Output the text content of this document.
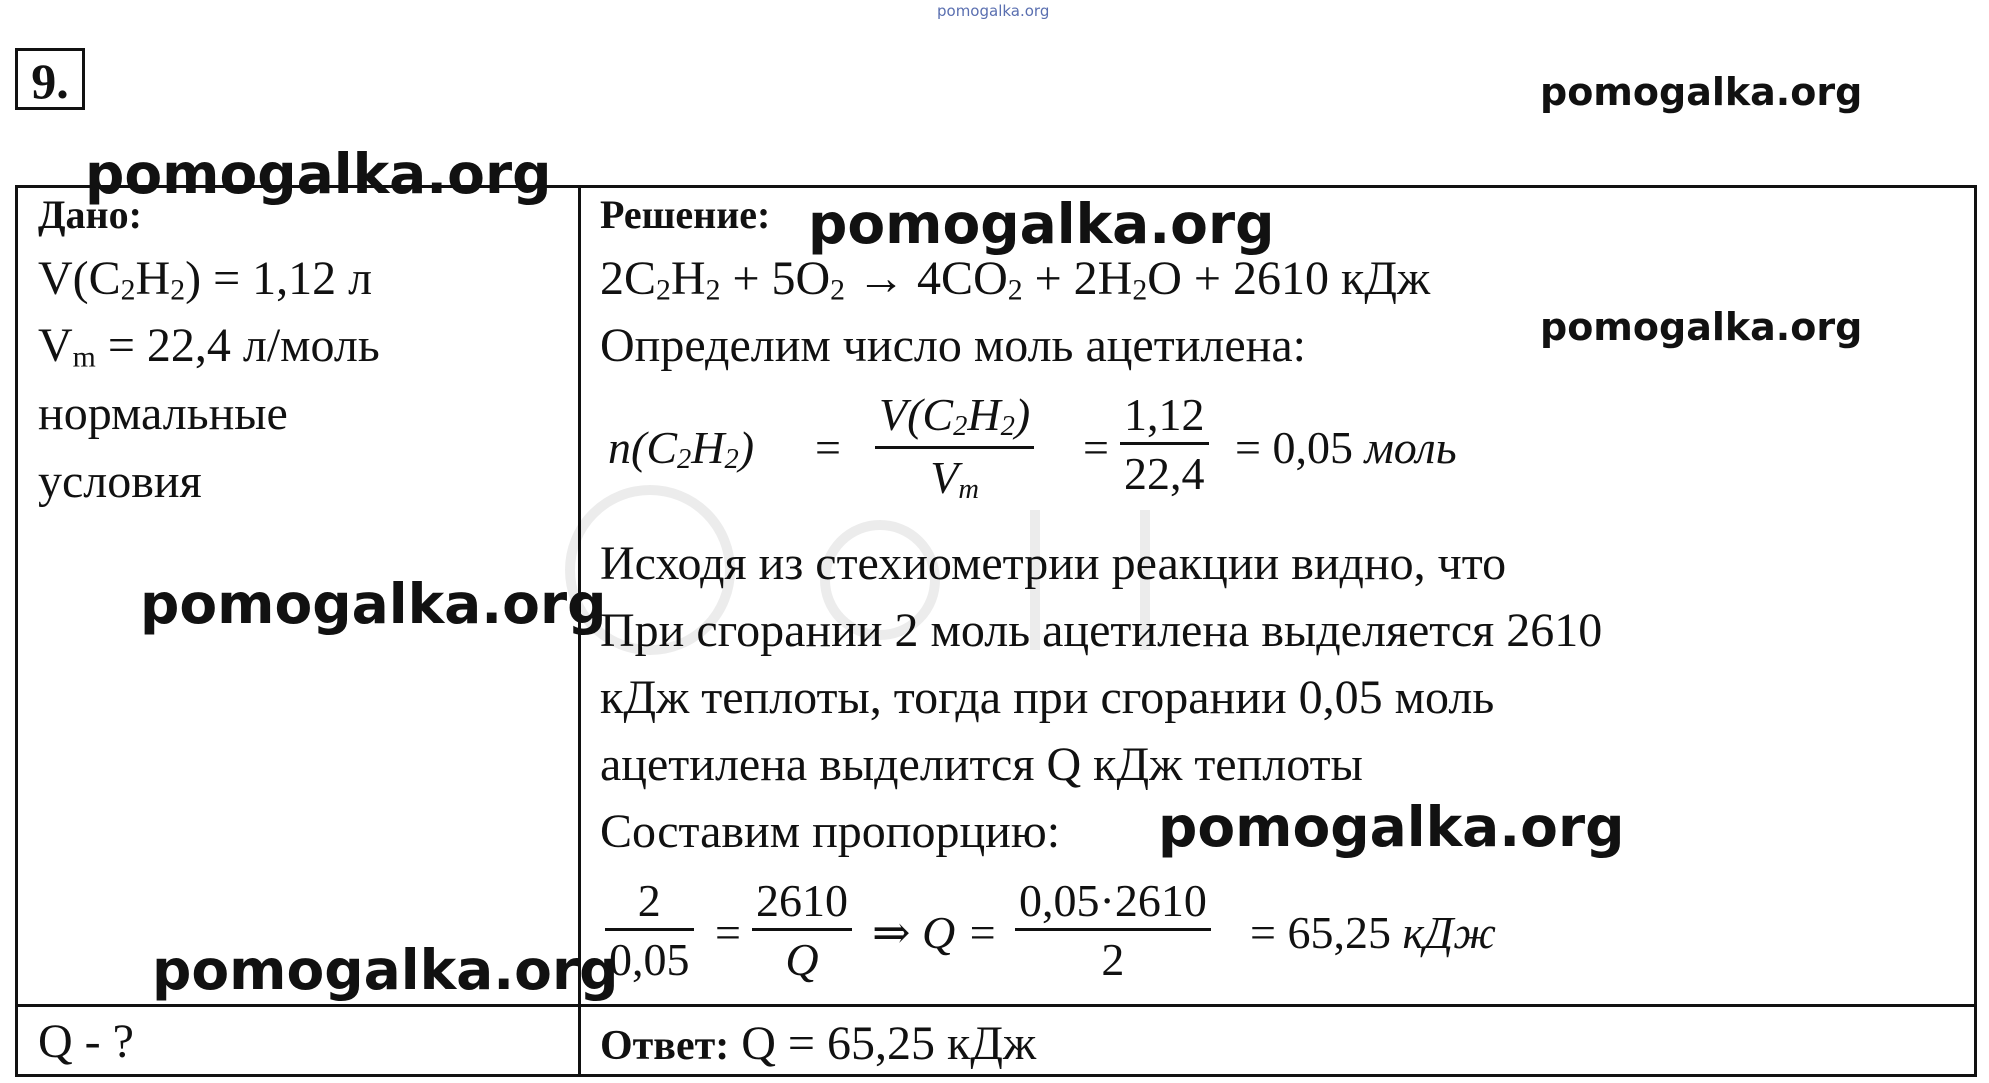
pomogalka.org
9.
Дано:
$V(C_2H_2) = 1,12$ л
$V_m = 22,4$ л/моль
нормальные
условия
Q - ?
Решение:
$2C_2H_2 + 5O_2 \to 4CO_2 + 2H_2O + 2610$ кДж
Определим число моль ацетилена:
$n(C_2H_2) = \frac{V(C_2H_2)}{V_m} = \frac{1,12}{22,4} = 0,05$ моль
Исходя из стехиометрии реакции видно, что
При сгорании 2 моль ацетилена выделяется 2610
кДж теплоты, тогда при сгорании 0,05 моль
ацетилена выделится Q кДж теплоты
Составим пропорцию:
$\frac{2}{0,05} = \frac{2610}{Q}$ ⇒ $Q = \frac{0,05\cdot 2610}{2} = 65,25$ кДж
Ответ: Q = 65,25 кДж
pomogalka.org
pomogalka.org
pomogalka.org
pomogalka.org
pomogalka.org
pomogalka.org
pomogalka.org
